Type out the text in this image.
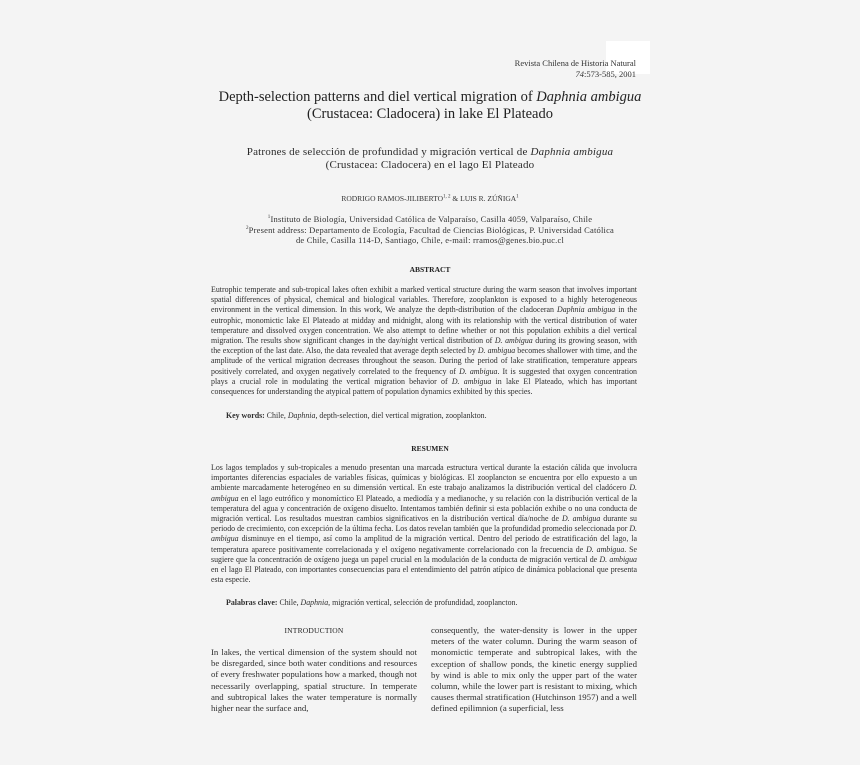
Revista Chilena de Historia Natural
74:573-585, 2001
Depth-selection patterns and diel vertical migration of Daphnia ambigua
(Crustacea: Cladocera) in lake El Plateado
Patrones de selección de profundidad y migración vertical de Daphnia ambigua
(Crustacea: Cladocera) en el lago El Plateado
RODRIGO RAMOS-JILIBERTO$^{1, 2}$ & LUIS R. ZÚÑIGA$^1$
$^1$Instituto de Biología, Universidad Católica de Valparaíso, Casilla 4059, Valparaíso, Chile
$^2$Present address: Departamento de Ecología, Facultad de Ciencias Biológicas, P. Universidad Católica
de Chile, Casilla 114-D, Santiago, Chile, e-mail: rramos@genes.bio.puc.cl
ABSTRACT
Eutrophic temperate and sub-tropical lakes often exhibit a marked vertical structure during the warm season that involves important spatial differences of physical, chemical and biological variables. Therefore, zooplankton is exposed to a highly heterogeneous environment in the vertical dimension. In this work, We analyze the depth-distribution of the cladoceran Daphnia ambigua in the eutrophic, monomictic lake El Plateado at midday and midnight, along with its relationship with the vertical distribution of water temperature and dissolved oxygen concentration. We also attempt to define whether or not this population exhibits a diel vertical migration. The results show significant changes in the day/night vertical distribution of D. ambigua during its growing season, with the exception of the last date. Also, the data revealed that average depth selected by D. ambigua becomes shallower with time, and the amplitude of the vertical migration decreases throughout the season. During the period of lake stratification, temperature appears positively correlated, and oxygen negatively correlated to the frequency of D. ambigua. It is suggested that oxygen concentration plays a crucial role in modulating the vertical migration behavior of D. ambigua in lake El Plateado, which has important consequences for understanding the atypical pattern of population dynamics exhibited by this species.
Key words: Chile, Daphnia, depth-selection, diel vertical migration, zooplankton.
RESUMEN
Los lagos templados y sub-tropicales a menudo presentan una marcada estructura vertical durante la estación cálida que involucra importantes diferencias espaciales de variables físicas, químicas y biológicas. El zooplancton se encuentra por ello expuesto a un ambiente marcadamente heterogéneo en su dimensión vertical. En este trabajo analizamos la distribución vertical del cladócero D. ambigua en el lago eutrófico y monomíctico El Plateado, a mediodía y a medianoche, y su relación con la distribución vertical de la temperatura del agua y concentración de oxígeno disuelto. Intentamos también definir si esta población exhibe o no una conducta de migración vertical. Los resultados muestran cambios significativos en la distribución vertical día/noche de D. ambigua durante su periodo de crecimiento, con excepción de la última fecha. Los datos revelan también que la profundidad promedio seleccionada por D. ambigua disminuye en el tiempo, así como la amplitud de la migración vertical. Dentro del periodo de estratificación del lago, la temperatura aparece positivamente correlacionada y el oxígeno negativamente correlacionado con la frecuencia de D. ambigua. Se sugiere que la concentración de oxígeno juega un papel crucial en la modulación de la conducta de migración vertical de D. ambigua en el lago El Plateado, con importantes consecuencias para el entendimiento del patrón atípico de dinámica poblacional que presenta esta especie.
Palabras clave: Chile, Daphnia, migración vertical, selección de profundidad, zooplancton.
INTRODUCTION
In lakes, the vertical dimension of the system should not be disregarded, since both water conditions and resources of every freshwater populations how a marked, though not necessarily overlapping, spatial structure. In temperate and subtropical lakes the water temperature is normally higher near the surface and,
consequently, the water-density is lower in the upper meters of the water column. During the warm season of monomictic temperate and subtropical lakes, with the exception of shallow ponds, the kinetic energy supplied by wind is able to mix only the upper part of the water column, while the lower part is resistant to mixing, which causes thermal stratification (Hutchinson 1957) and a well defined epilimnion (a superficial, less
